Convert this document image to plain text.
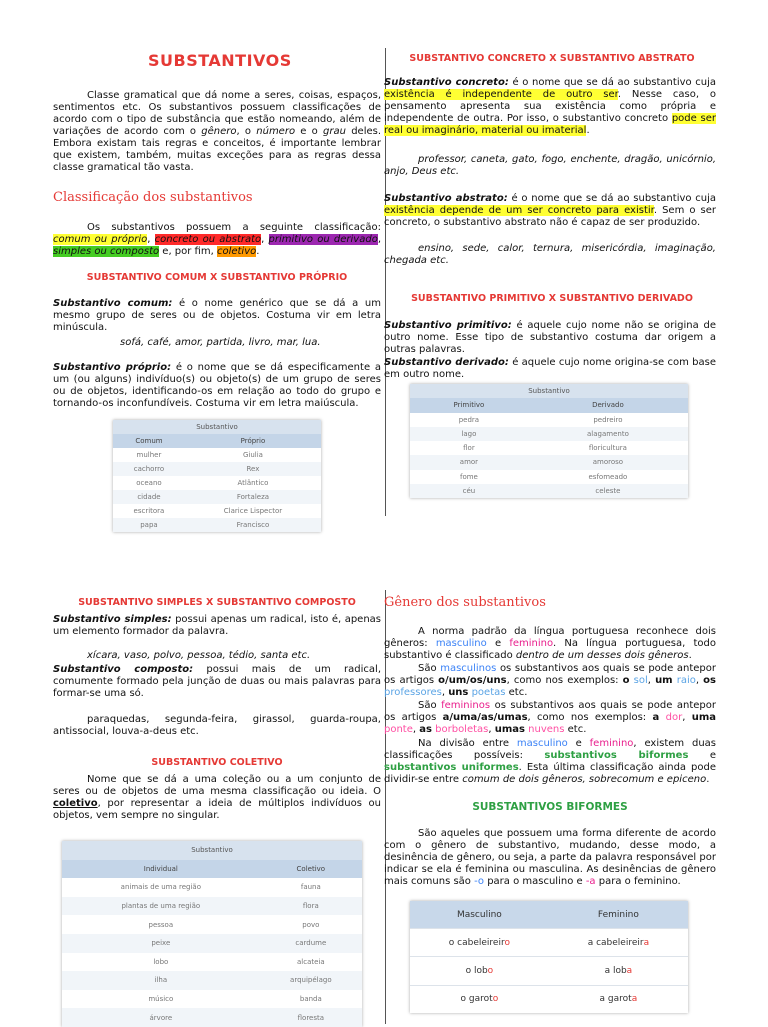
SUBSTANTIVOS
Classe gramatical que dá nome a seres, coisas, espaços, sentimentos etc. Os substantivos possuem classificações de acordo com o tipo de substância que estão nomeando, além de variações de acordo com o gênero, o número e o grau deles. Embora existam tais regras e conceitos, é importante lembrar que existem, também, muitas exceções para as regras dessa classe gramatical tão vasta.
Classificação dos substantivos
Os substantivos possuem a seguinte classificação: comum ou próprio, concreto ou abstrato, primitivo ou derivado, simples ou composto e, por fim, coletivo.
SUBSTANTIVO COMUM X SUBSTANTIVO PRÓPRIO
Substantivo comum: é o nome genérico que se dá a um mesmo grupo de seres ou de objetos. Costuma vir em letra minúscula.
sofá, café, amor, partida, livro, mar, lua.
Substantivo próprio: é o nome que se dá especificamente a um (ou alguns) indivíduo(s) ou objeto(s) de um grupo de seres ou de objetos, identificando-os em relação ao todo do grupo e tornando-os inconfundíveis. Costuma vir em letra maiúscula.
Substantivo	
Comum	Próprio
mulher	Giulia
cachorro	Rex
oceano	Atlântico
cidade	Fortaleza
escritora	Clarice Lispector
papa	Francisco
SUBSTANTIVO CONCRETO X SUBSTANTIVO ABSTRATO
Substantivo concreto: é o nome que se dá ao substantivo cuja existência é independente de outro ser. Nesse caso, o pensamento apresenta sua existência como própria e independente de outra. Por isso, o substantivo concreto pode ser real ou imaginário, material ou imaterial.
professor, caneta, gato, fogo, enchente, dragão, unicórnio, anjo, Deus etc.
Substantivo abstrato: é o nome que se dá ao substantivo cuja existência depende de um ser concreto para existir. Sem o ser concreto, o substantivo abstrato não é capaz de ser produzido.
ensino, sede, calor, ternura, misericórdia, imaginação, chegada etc.
SUBSTANTIVO PRIMITIVO X SUBSTANTIVO DERIVADO
Substantivo primitivo: é aquele cujo nome não se origina de outro nome. Esse tipo de substantivo costuma dar origem a outras palavras.
Substantivo derivado: é aquele cujo nome origina-se com base em outro nome.
Substantivo	
Primitivo	Derivado
pedra	pedreiro
lago	alagamento
flor	floricultura
amor	amoroso
fome	esfomeado
céu	celeste
SUBSTANTIVO SIMPLES X SUBSTANTIVO COMPOSTO
Substantivo simples: possui apenas um radical, isto é, apenas um elemento formador da palavra.
xícara, vaso, polvo, pessoa, tédio, santa etc.
Substantivo composto: possui mais de um radical, comumente formado pela junção de duas ou mais palavras para formar-se uma só.
paraquedas, segunda-feira, girassol, guarda-roupa, antissocial, louva-a-deus etc.
SUBSTANTIVO COLETIVO
Nome que se dá a uma coleção ou a um conjunto de seres ou de objetos de uma mesma classificação ou ideia. O coletivo, por representar a ideia de múltiplos indivíduos ou objetos, vem sempre no singular.
Substantivo	
Individual	Coletivo
animais de uma região	fauna
plantas de uma região	flora
pessoa	povo
peixe	cardume
lobo	alcateia
ilha	arquipélago
músico	banda
árvore	floresta
Gênero dos substantivos
A norma padrão da língua portuguesa reconhece dois gêneros: masculino e feminino. Na língua portuguesa, todo substantivo é classificado dentro de um desses dois gêneros.
São masculinos os substantivos aos quais se pode antepor os artigos o/um/os/uns, como nos exemplos: o sol, um raio, os professores, uns poetas etc.
São femininos os substantivos aos quais se pode antepor os artigos a/uma/as/umas, como nos exemplos: a dor, uma ponte, as borboletas, umas nuvens etc.
Na divisão entre masculino e feminino, existem duas classificações possíveis: substantivos biformes e substantivos uniformes. Esta última classificação ainda pode dividir-se entre comum de dois gêneros, sobrecomum e epiceno.
SUBSTANTIVOS BIFORMES
São aqueles que possuem uma forma diferente de acordo com o gênero de substantivo, mudando, desse modo, a desinência de gênero, ou seja, a parte da palavra responsável por indicar se ela é feminina ou masculina. As desinências de gênero mais comuns são -o para o masculino e -a para o feminino.
Masculino	Feminino
o cabeleireiro	a cabeleireira
o lobo	a loba
o garoto	a garota
